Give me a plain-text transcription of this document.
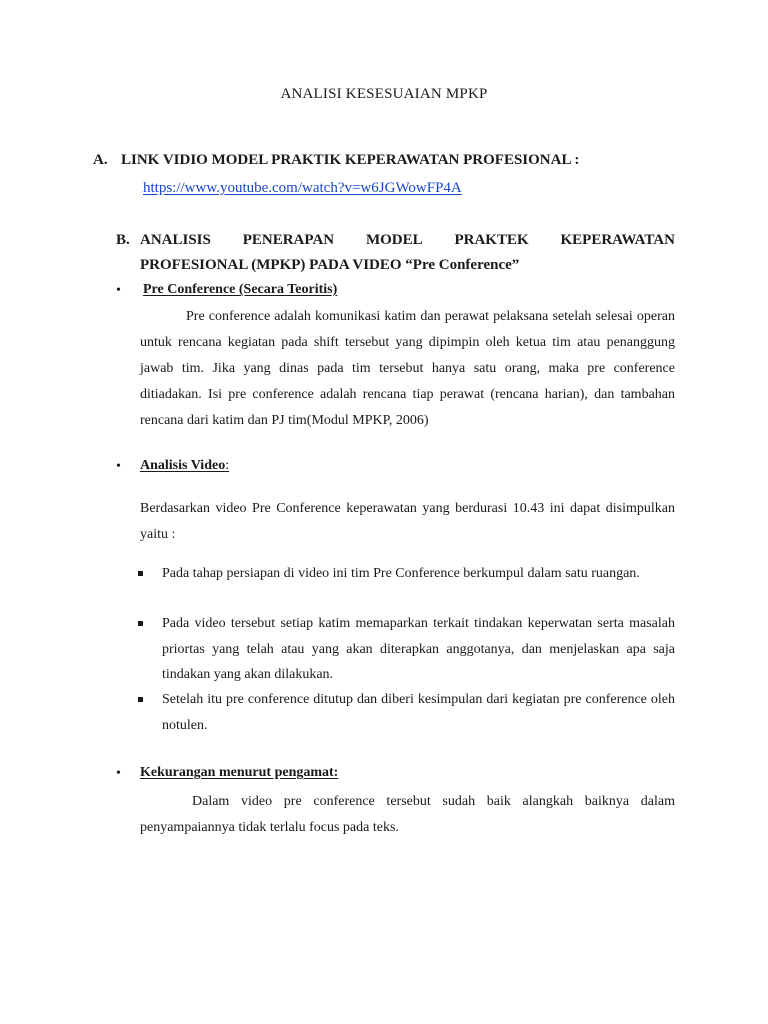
ANALISI KESESUAIAN MPKP
A. LINK VIDIO MODEL PRAKTIK KEPERAWATAN PROFESIONAL :
https://www.youtube.com/watch?v=w6JGWowFP4A
B. ANALISIS PENERAPAN MODEL PRAKTEK KEPERAWATAN
PROFESIONAL (MPKP) PADA VIDEO “Pre Conference”
• Pre Conference (Secara Teoritis)
Pre conference adalah komunikasi katim dan perawat pelaksana setelah selesai operan untuk rencana kegiatan pada shift tersebut yang dipimpin oleh ketua tim atau penanggung jawab tim. Jika yang dinas pada tim tersebut hanya satu orang, maka pre conference ditiadakan. Isi pre conference adalah rencana tiap perawat (rencana harian), dan tambahan rencana dari katim dan PJ tim(Modul MPKP, 2006)
• Analisis Video:
Berdasarkan video Pre Conference keperawatan yang berdurasi 10.43 ini dapat disimpulkan yaitu :
Pada tahap persiapan di video ini tim Pre Conference berkumpul dalam satu ruangan.
Pada video tersebut setiap katim memaparkan terkait tindakan keperwatan serta masalah priortas yang telah atau yang akan diterapkan anggotanya, dan menjelaskan apa saja tindakan yang akan dilakukan.
Setelah itu pre conference ditutup dan diberi kesimpulan dari kegiatan pre conference oleh notulen.
• Kekurangan menurut pengamat:
Dalam video pre conference tersebut sudah baik alangkah baiknya dalam penyampaiannya tidak terlalu focus pada teks.
